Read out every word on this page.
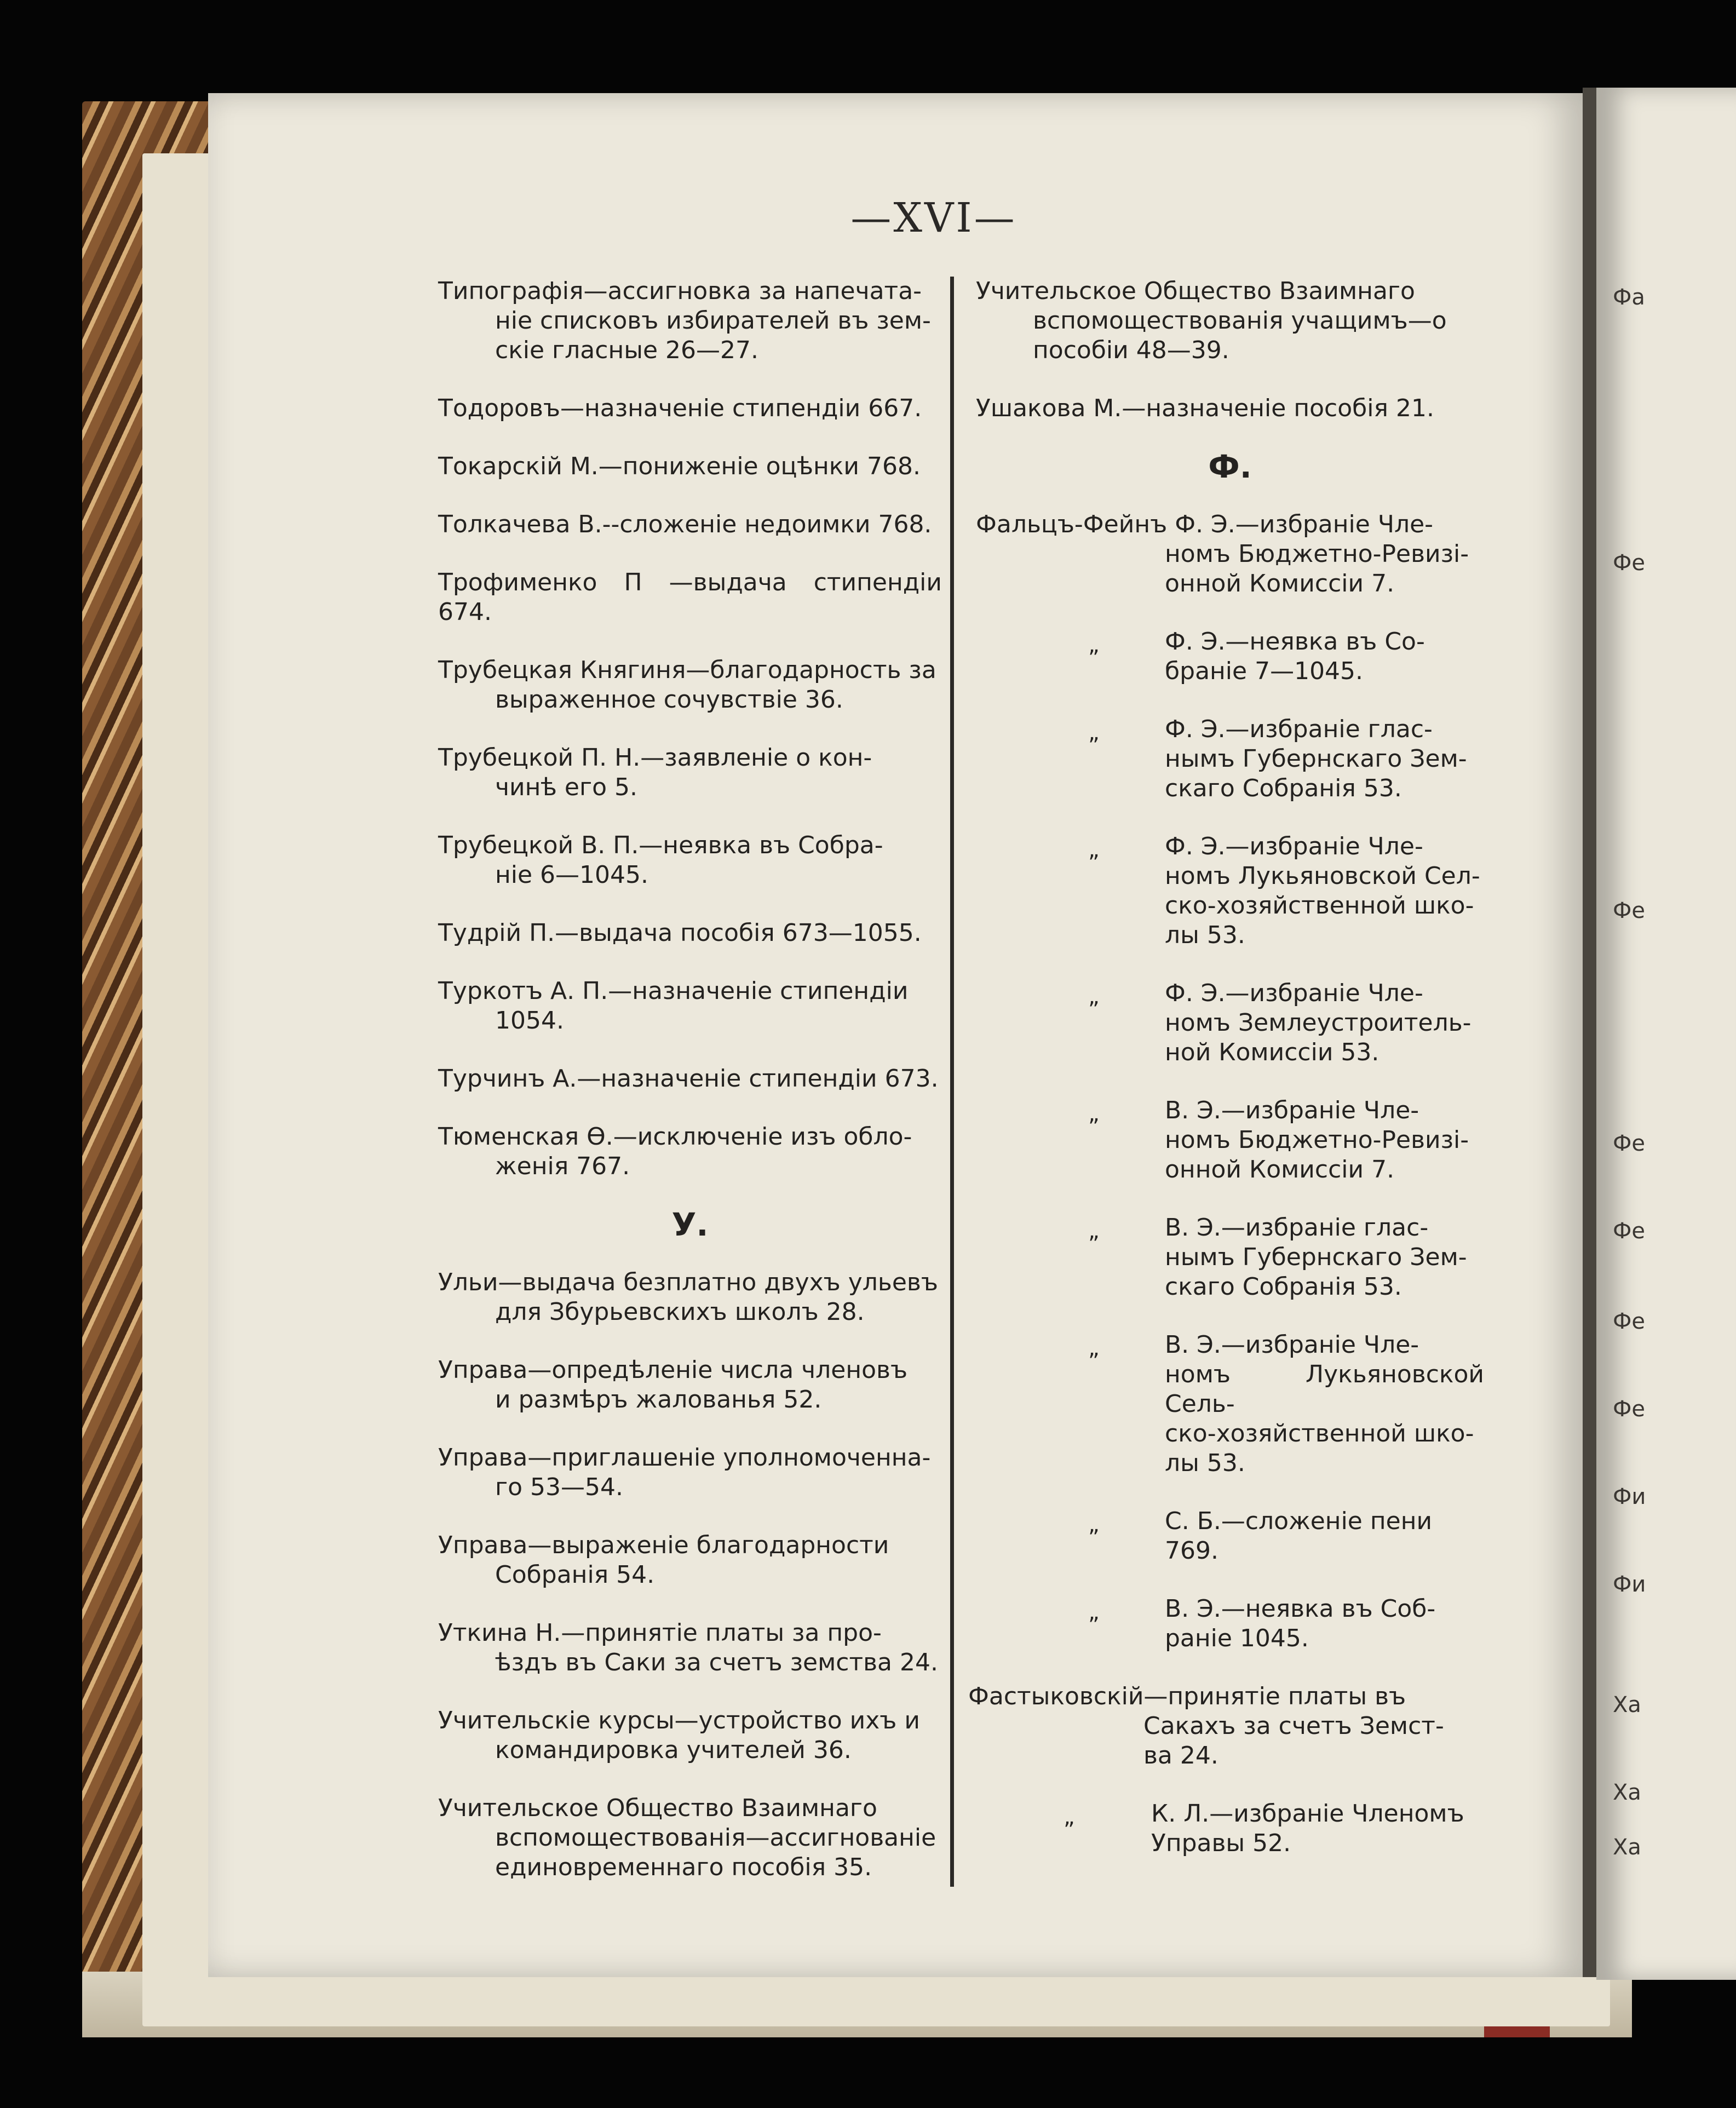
Фа
Фе
Фе
Фе
Фе
Фе
Фе
Фи
Фи
Ха
Ха
Ха
—XVI—
Типографія—ассигновка за напечата-
ніе списковъ избирателей въ зем-
скіе гласные 26—27.
Тодоровъ—назначеніе стипендіи 667.
Токарскій М.—пониженіе оцѣнки 768.
Толкачева В.--сложеніе недоимки 768.
Трофименко П —выдача стипендіи 674.
Трубецкая Княгиня—благодарность за
выраженное сочувствіе 36.
Трубецкой П. Н.—заявленіе о кон-
чинѣ его 5.
Трубецкой В. П.—неявка въ Собра-
ніе 6—1045.
Тудрій П.—выдача пособія 673—1055.
Туркотъ А. П.—назначеніе стипендіи
1054.
Турчинъ А.—назначеніе стипендіи 673.
Тюменская Ѳ.—исключеніе изъ обло-
женія 767.
У.
Ульи—выдача безплатно двухъ ульевъ
для Збурьевскихъ школъ 28.
Управа—опредѣленіе числа членовъ
и размѣръ жалованья 52.
Управа—приглашеніе уполномоченна-
го 53—54.
Управа—выраженіе благодарности
Собранія 54.
Уткина Н.—принятіе платы за про-
ѣздъ въ Саки за счетъ земства 24.
Учительскіе курсы—устройство ихъ и
командировка учителей 36.
Учительское Общество Взаимнаго
вспомоществованія—ассигнованіе
единовременнаго пособія 35.
Учительское Общество Взаимнаго
вспомоществованія учащимъ—о
пособіи 48—39.
Ушакова М.—назначеніе пособія 21.
Ф.
Фальцъ-Фейнъ Ф. Э.—избраніе Чле-
номъ Бюджетно-Ревизі-
онной Комиссіи 7.
„	Ф. Э.—неявка въ Со-
браніе 7—1045.
„	Ф. Э.—избраніе глас-
нымъ Губернскаго Зем-
скаго Собранія 53.
„	Ф. Э.—избраніе Чле-
номъ Лукьяновской Сел-
ско-хозяйственной шко-
лы 53.
„	Ф. Э.—избраніе Чле-
номъ Землеустроитель-
ной Комиссіи 53.
„	В. Э.—избраніе Чле-
номъ Бюджетно-Ревизі-
онной Комиссіи 7.
„	В. Э.—избраніе глас-
нымъ Губернскаго Зем-
скаго Собранія 53.
„	В. Э.—избраніе Чле-
номъ Лукьяновской Сель-
ско-хозяйственной шко-
лы 53.
„	С. Б.—сложеніе пени
769.
„	В. Э.—неявка въ Соб-
раніе 1045.
Фастыковскій—принятіе платы въ
Сакахъ за счетъ Земст-
ва 24.
„	К. Л.—избраніе Членомъ
Управы 52.
